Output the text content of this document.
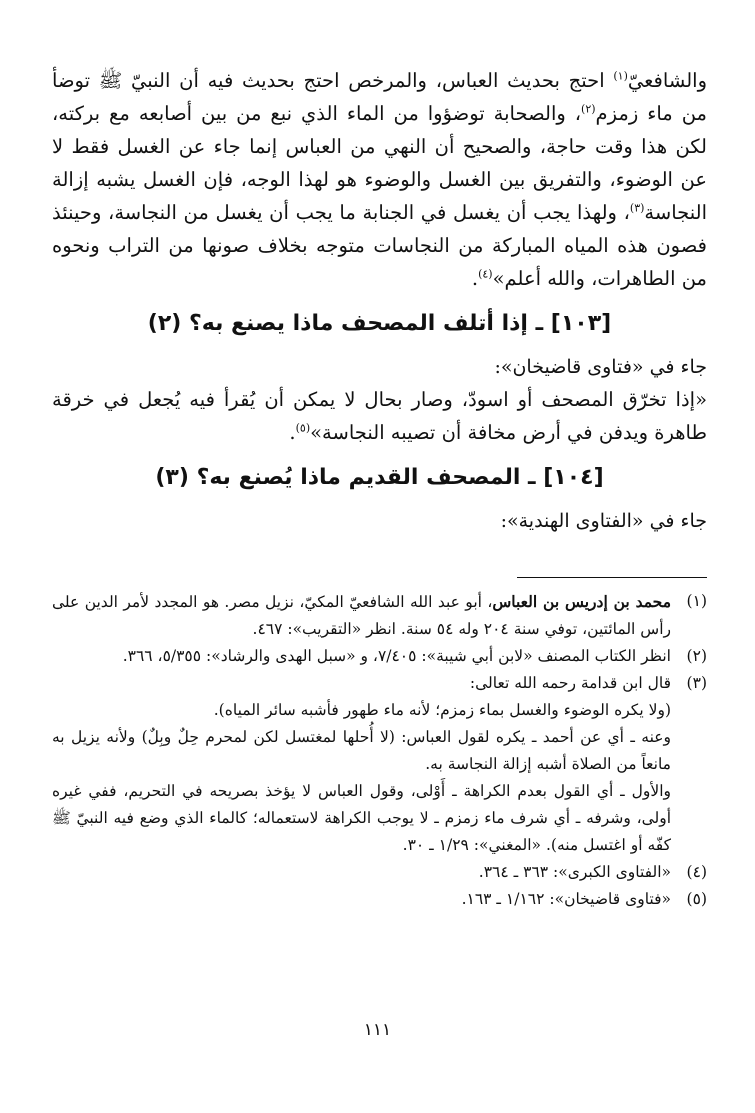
والشافعيّ$^{(١)}$ احتج بحديث العباس، والمرخص احتج بحديث فيه أن النبيّ ﷺ توضأ من ماء زمزم$^{(٢)}$، والصحابة توضؤوا من الماء الذي نبع من بين أصابعه مع بركته، لكن هذا وقت حاجة، والصحيح أن النهي من العباس إنما جاء عن الغسل فقط لا عن الوضوء، والتفريق بين الغسل والوضوء هو لهذا الوجه، فإن الغسل يشبه إزالة النجاسة$^{(٣)}$، ولهذا يجب أن يغسل في الجنابة ما يجب أن يغسل من النجاسة، وحينئذ فصون هذه المياه المباركة من النجاسات متوجه بخلاف صونها من التراب ونحوه من الطاهرات، والله أعلم»$^{(٤)}$.

[١٠٣] ـ إذا أتلف المصحف ماذا يصنع به؟ (٢)

جاء في «فتاوى قاضيخان»:

«إذا تخرّق المصحف أو اسودّ، وصار بحال لا يمكن أن يُقرأ فيه يُجعل في خرقة طاهرة ويدفن في أرض مخافة أن تصيبه النجاسة»$^{(٥)}$.

[١٠٤] ـ المصحف القديم ماذا يُصنع به؟ (٣)

جاء في «الفتاوى الهندية»:

(١)
محمد بن إدريس بن العباس، أبو عبد الله الشافعيّ المكيّ، نزيل مصر. هو المجدد لأمر الدين على رأس المائتين، توفي سنة ٢٠٤ وله ٥٤ سنة. انظر «التقريب»: ٤٦٧.
(٢)
انظر الكتاب المصنف «لابن أبي شيبة»: ٧/٤٠٥، و «سبل الهدى والرشاد»: ٥/٣٥٥، ٣٦٦.
(٣)

قال ابن قدامة رحمه الله تعالى:

(ولا يكره الوضوء والغسل بماء زمزم؛ لأنه ماء طهور فأشبه سائر المياه).

وعنه ـ أي عن أحمد ـ يكره لقول العباس: (لا أُحلها لمغتسل لكن لمحرم حِلٌ وبِلٌ) ولأنه يزيل به مانعاً من الصلاة أشبه إزالة النجاسة به.

والأول ـ أي القول بعدم الكراهة ـ أَوْلى، وقول العباس لا يؤخذ بصريحه في التحريم، ففي غيره أولى، وشرفه ـ أي شرف ماء زمزم ـ لا يوجب الكراهة لاستعماله؛ كالماء الذي وضع فيه النبيّ ﷺ كفّه أو اغتسل منه). «المغني»: ١/٢٩ ـ ٣٠.

(٤)
«الفتاوى الكبرى»: ٣٦٣ ـ ٣٦٤.
(٥)
«فتاوى قاضيخان»: ١/١٦٢ ـ ١٦٣.
١١١
